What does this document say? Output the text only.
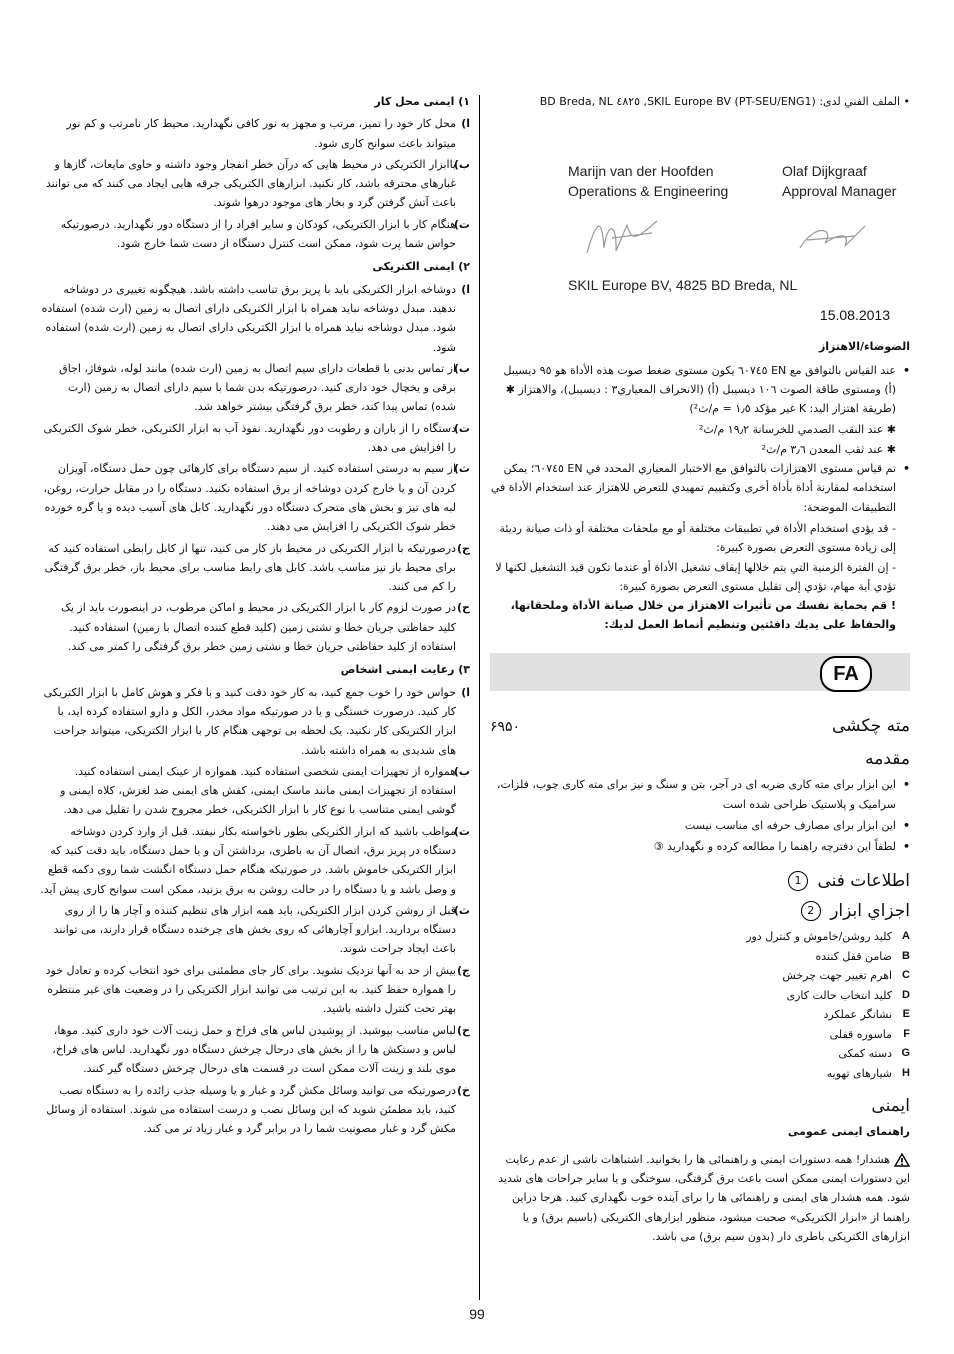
• الملف الفني لدى: SKIL Europe BV (PT-SEU/ENG1), ٤٨٢٥ BD Breda, NL

Marijn van der Hoofden
Operations & Engineering
Olaf Dijkgraaf
Approval Manager
SKIL Europe BV, 4825 BD Breda, NL
15.08.2013
الضوضاء/الاهتزاز
•
عند القياس بالتوافق مع EN ٦٠٧٤٥ يكون مستوى ضغط صوت هذه الأداة هو ٩٥ ديسيبل (أ) ومستوى طاقة الصوت ١٠٦ ديسيبل (أ) (الانحراف المعياري٣ : ديسيبل)، والاهتزاز ✱ (طريقة اهتزاز اليد: K غير مؤكد ١٫٥ = م/ث²)
✱ عند النقب الصدمي للخرسانة ١٩٫٢ م/ث²
✱ عند ثقب المعدن ٣٫٦ م/ث²
•
تم قياس مستوى الاهتزازات بالتوافق مع الاختبار المعياري المحدد في EN ٦٠٧٤٥؛ يمكن استخدامه لمقارنة أداة بأداة أخرى وكتقييم تمهيدي للتعرض للاهتزاز عند استخدام الأداة في التطبيقات الموضحة:
- قد يؤدي استخدام الأداة في تطبيقات مختلفة أو مع ملحقات مختلفة أو ذات صيانة رديئة إلى زيادة مستوى التعرض بصورة كبيرة:
- إن الفترة الزمنية التي يتم خلالها إيقاف تشغيل الأداة أو عندما تكون قيد التشغيل لكنها لا تؤدي أية مهام، تؤدي إلى تقليل مستوى التعرض بصورة كبيرة:
! قم بحماية نفسك من تأثيرات الاهتزاز من خلال صيانة الأداة وملحقاتها، والحفاظ على يديك دافئتين وتنظيم أنماط العمل لديك:
FA
مته چکشی
۶۹۵۰
مقدمه
•
این ابزار برای مته کاری ضربه ای در آجر، بتن و سنگ و نیز برای مته کاری چوب، فلزات، سرامیک و پلاستیک طراحی شده است
•
این ابزار برای مصارف حرفه ای مناسب نیست
•
لطفاً این دفترچه راهنما را مطالعه کرده و نگهدارید ③
اطلاعات فنی 1
اجزاي ابزار 2
A
کلید روشن/خاموش و کنترل دور
B
ضامن قفل کننده
C
اهرم تغییر جهت چرخش
D
کلید انتخاب حالت کاری
E
نشانگر عملکرد
F
ماسوره قفلی
G
دسته کمکی
H
شیارهای تهویه
ایمنی
راهنمای ایمنی عمومی
هشدار! همه دستورات ایمنی و راهنمائی ها را بخوانید. اشتباهات ناشی از عدم رعایت این دستورات ایمنی ممکن است باعث برق گرفتگی، سوختگی و یا سایر جراحات های شدید شود. همه هشدار های ایمنی و راهنمائی ها را برای آینده خوب نگهداری کنید. هرجا دراین راهنما از «ابزار الکتریکی» صحبت میشود، منظور ابزارهای الکتریکی (باسیم برق) و یا ابزارهای الکتریکی باطری دار (بدون سیم برق) می باشد.
۱) ایمنی محل کار
ا)
محل کار خود را تمیز، مرتب و مجهز به نور کافی نگهدارید. محیط کار نامرتب و کم نور میتواند باعث سوانح کاری شود.
ب)
باابزار الکتریکی در محیط هایی که درآن خطر انفجار وجود داشته و حاوی مایعات، گازها و غبارهای محترقه باشد، کار نکنید. ابزارهای الکتریکی جرقه هایی ایجاد می کنند که می توانند باعث آتش گرفتن گرد و بخار های موجود درهوا شوند.
ت)
هنگام کار با ابزار الکتریکی، کودکان و سایر افراد را از دستگاه دور نگهدارید. درصورتیکه حواس شما پرت شود، ممکن است کنترل دستگاه از دست شما خارج شود.
۲) ایمنی الکتریکی
ا)
دوشاخه ابزار الکتریکی باید با پریز برق تناسب داشته باشد. هیچگونه تغییری در دوشاخه ندهید. مبدل دوشاخه نباید همراه با ابزار الکتریکی دارای اتصال به زمین (ارت شده) استفاده شود. مبدل دوشاخه نباید همراه با ابزار الکتریکی دارای اتصال به زمین (ارت شده) استفاده شود.
ب)
از تماس بدنی با قطعات دارای سیم اتصال به زمین (ارت شده) مانند لوله، شوفاژ، اجاق برقی و یخچال خود داری کنید. درصورتیکه بدن شما با سیم دارای اتصال به زمین (ارت شده) تماس پیدا کند، خطر برق گرفتگی بیشتر خواهد شد.
ت)
دستگاه را از باران و رطوبت دور نگهدارید. نفوذ آب به ابزار الکتریکی، خطر شوک الکتریکی را افزایش می دهد.
ث)
از سیم به درستی استفاده کنید. از سیم دستگاه برای کارهائی چون حمل دستگاه، آویزان کردن آن و یا خارج کردن دوشاخه از برق استفاده نکنید. دستگاه را در مقابل حرارت، روغن، لبه های تیز و بخش های متحرک دستگاه دور نگهدارید. کابل های آسیب دیده و یا گره خورده خطر شوک الکتریکی را افزایش می دهند.
ج)
درصورتیکه با ابزار الکتریکی در محیط باز کار می کنید، تنها از کابل رابطی استفاده کنید که برای محیط باز نیز مناسب باشد. کابل های رابط مناسب برای محیط باز، خطر برق گرفتگی را کم می کنند.
ح)
در صورت لزوم کار با ابزار الکتریکی در محیط و اماکن مرطوب، در اینصورت باید از یک کلید حفاظتی جریان خطا و نشتی زمین (کلید قطع کننده اتصال با زمین) استفاده کنید. استفاده از کلید حفاظتی جریان خطا و نشتی زمین خطر برق گرفتگی را کمتر می کند.
۳) رعایت ایمنی اشخاص
ا)
حواس خود را خوب جمع کنید، به کار خود دقت کنید و با فکر و هوش کامل با ابزار الکتریکی کار کنید. درصورت خستگی و یا در صورتیکه مواد مخدر، الکل و دارو استفاده کرده اید، با ابزار الکتریکی کار نکنید. یک لحظه بی توجهی هنگام کار با ابزار الکتریکی، میتواند جراحت های شدیدی به همراه داشته باشد.
ب)
همواره از تجهیزات ایمنی شخصی استفاده کنید. همواره از عینک ایمنی استفاده کنید. استفاده از تجهیزات ایمنی مانند ماسک ایمنی، کفش های ایمنی ضد لغزش، کلاه ایمنی و گوشی ایمنی متناسب با نوع کار با ابزار الکتریکی، خطر مجروح شدن را تقلیل می دهد.
ت)
مواظب باشید که ابزار الکتریکی بطور ناخواسته بکار نیفتد. قبل از وارد کردن دوشاخه دستگاه در پریز برق، اتصال آن به باطری، برداشتن آن و یا حمل دستگاه، باید دقت کنید که ابزار الکتریکی خاموش باشد. در صورتیکه هنگام حمل دستگاه انگشت شما روی دکمه قطع و وصل باشد و یا دستگاه را در حالت روشن به برق بزنید، ممکن است سوانح کاری پیش آید.
ث)
قبل از روشن کردن ابزار الکتریکی، باید همه ابزار های تنظیم کننده و آچار ها را از روی دستگاه بردارید. ابزارو آچارهائی که روی بخش های چرخنده دستگاه قرار دارند، می توانند باعث ایجاد جراحت شوند.
ج)
بیش از حد به آنها نزدیک نشوید. برای کار جای مطمئنی برای خود انتخاب کرده و تعادل خود را همواره حفظ کنید. به این ترتیب می توانید ابزار الکتریکی را در وضعیت های غیر منتظره بهتر تحت کنترل داشته باشید.
ح)
لباس مناسب بپوشید. از پوشیدن لباس های فراخ و حمل زینت آلات خود داری کنید. موها، لباس و دستکش ها را از بخش های درحال چرخش دستگاه دور نگهدارید. لباس های فراخ، موی بلند و زینت آلات ممکن است در قسمت های درحال چرخش دستگاه گیر کنند.
خ)
درصورتیکه می توانید وسائل مکش گرد و غبار و یا وسیله جذب زائده را به دستگاه نصب کنید، باید مطمئن شوید که این وسائل نصب و درست استفاده می شوند. استفاده از وسائل مکش گرد و غبار مصونیت شما را در برابر گرد و غبار زیاد تر می کند.
99
